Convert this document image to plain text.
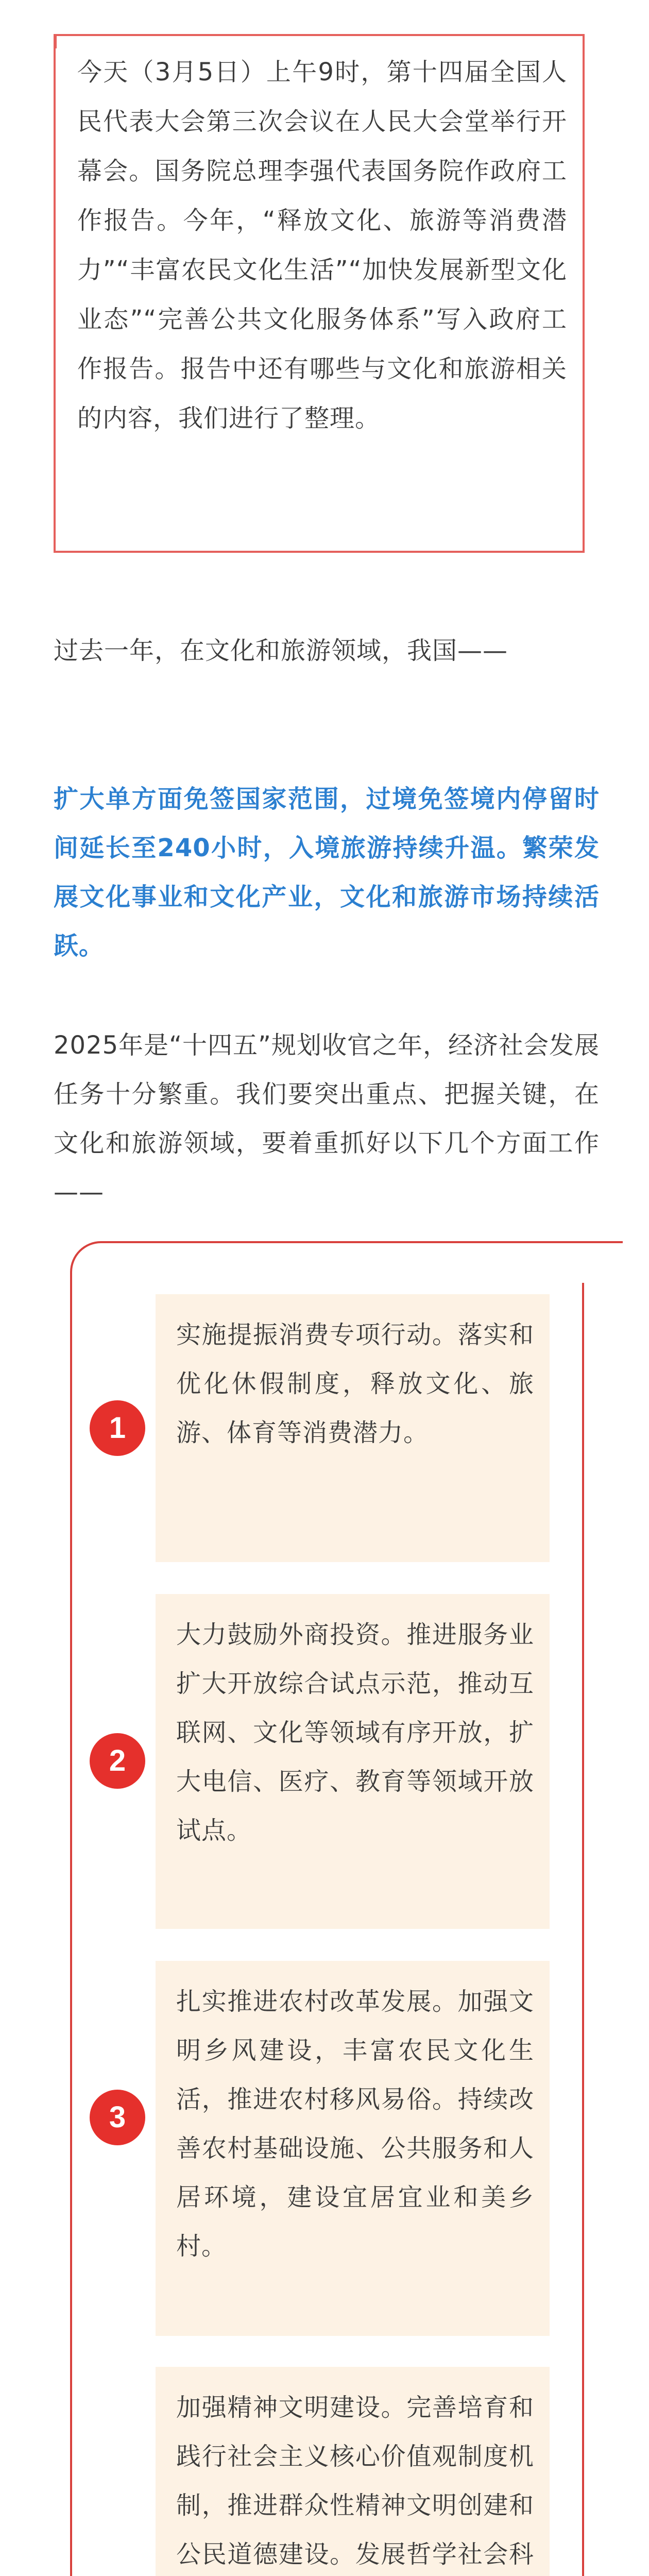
今天（3月5日）上午9时，第十四届全国人民代表大会第三次会议在人民大会堂举行开幕会。国务院总理李强代表国务院作政府工作报告。今年，“释放文化、旅游等消费潜力”“丰富农民文化生活”“加快发展新型文化业态”“完善公共文化服务体系”写入政府工作报告。报告中还有哪些与文化和旅游相关的内容，我们进行了整理。

过去一年，在文化和旅游领域，我国——

扩大单方面免签国家范围，过境免签境内停留时间延长至240小时，入境旅游持续升温。繁荣发展文化事业和文化产业，文化和旅游市场持续活跃。

2025年是“十四五”规划收官之年，经济社会发展任务十分繁重。我们要突出重点、把握关键，在文化和旅游领域，要着重抓好以下几个方面工作——

1
实施提振消费专项行动。落实和优化休假制度，释放文化、旅游、体育等消费潜力。
2
大力鼓励外商投资。推进服务业扩大开放综合试点示范，推动互联网、文化等领域有序开放，扩大电信、医疗、教育等领域开放试点。
3
扎实推进农村改革发展。加强文明乡风建设，丰富农民文化生活，推进农村移风易俗。持续改善农村基础设施、公共服务和人居环境，建设宜居宜业和美乡村。
加强精神文明建设。完善培育和践行社会主义核心价值观制度机制，推进群众性精神文明创建和公民道德建设。发展哲学社会科
